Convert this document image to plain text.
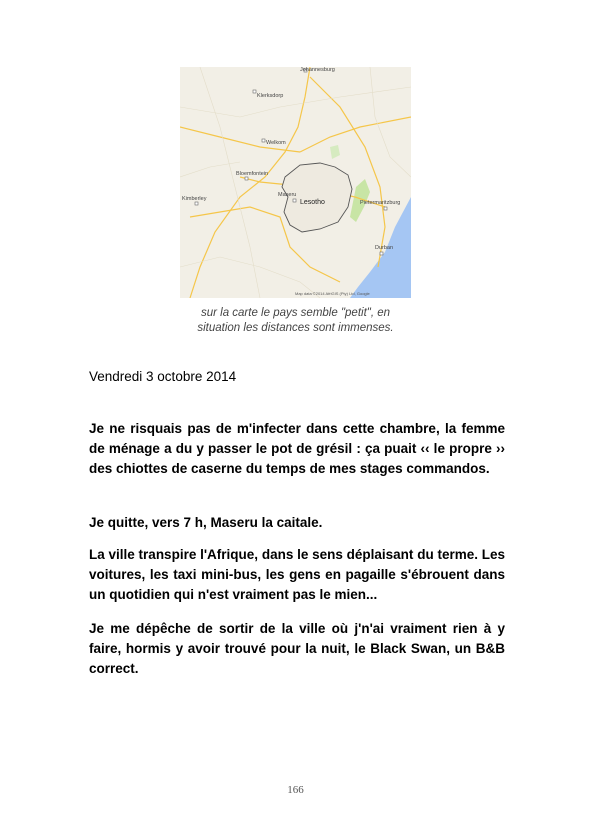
Johannesburg
Klerksdorp
Welkom
Bloemfontein
Kimberley
Pietermaritzburg
Durban
Maseru
Lesotho
Map data ©2014 AfriGIS (Pty) Ltd, Google
sur la carte le pays semble "petit", en
situation les distances sont immenses.
Vendredi 3 octobre 2014

Je ne risquais pas de m'infecter dans cette chambre, la femme de ménage a du y passer le pot de grésil : ça puait ‹‹ le propre ›› des chiottes de caserne du temps de mes stages commandos.

Je quitte, vers 7 h, Maseru la caitale.

La ville transpire l'Afrique, dans le sens déplaisant du terme. Les voitures, les taxi mini-bus, les gens en pagaille s'ébrouent dans un quotidien qui n'est vraiment pas le mien...

Je me dépêche de sortir de la ville où j'n'ai vraiment rien à y faire, hormis y avoir trouvé pour la nuit, le Black Swan, un B&B correct.

166
